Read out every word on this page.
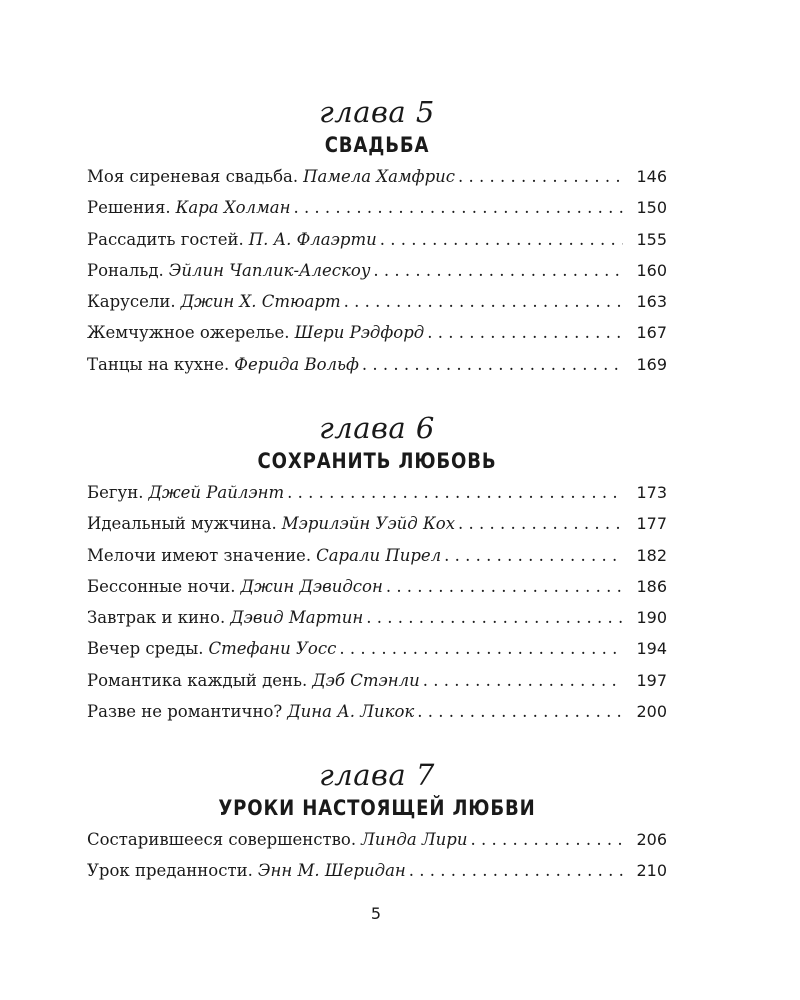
глава 5
СВАДЬБА
Моя сиреневая свадьба. Памела Хамфрис . . .	146
Решения. Кара Холман . . .	150
Рассадить гостей. П. А. Флаэрти . . .	155
Рональд. Эйлин Чаплик-Алескоу . . .	160
Карусели. Джин Х. Стюарт . . .	163
Жемчужное ожерелье. Шери Рэдфорд . . .	167
Танцы на кухне. Ферида Вольф . . .	169
глава 6
СОХРАНИТЬ ЛЮБОВЬ
Бегун. Джей Райлэнт . . .	173
Идеальный мужчина. Мэрилэйн Уэйд Кох . . .	177
Мелочи имеют значение. Саралu Пирел . . .	182
Бессонные ночи. Джин Дэвидсон . . .	186
Завтрак и кино. Дэвид Мартин . . .	190
Вечер среды. Стефани Уосс . . .	194
Романтика каждый день. Дэб Стэнли . . .	197
Разве не романтично? Дина А. Ликок . . .	200
глава 7
УРОКИ НАСТОЯЩЕЙ ЛЮБВИ
Состарившееся совершенство. Линда Лири . . .	206
Урок преданности. Энн М. Шеридан . . .	210
5
